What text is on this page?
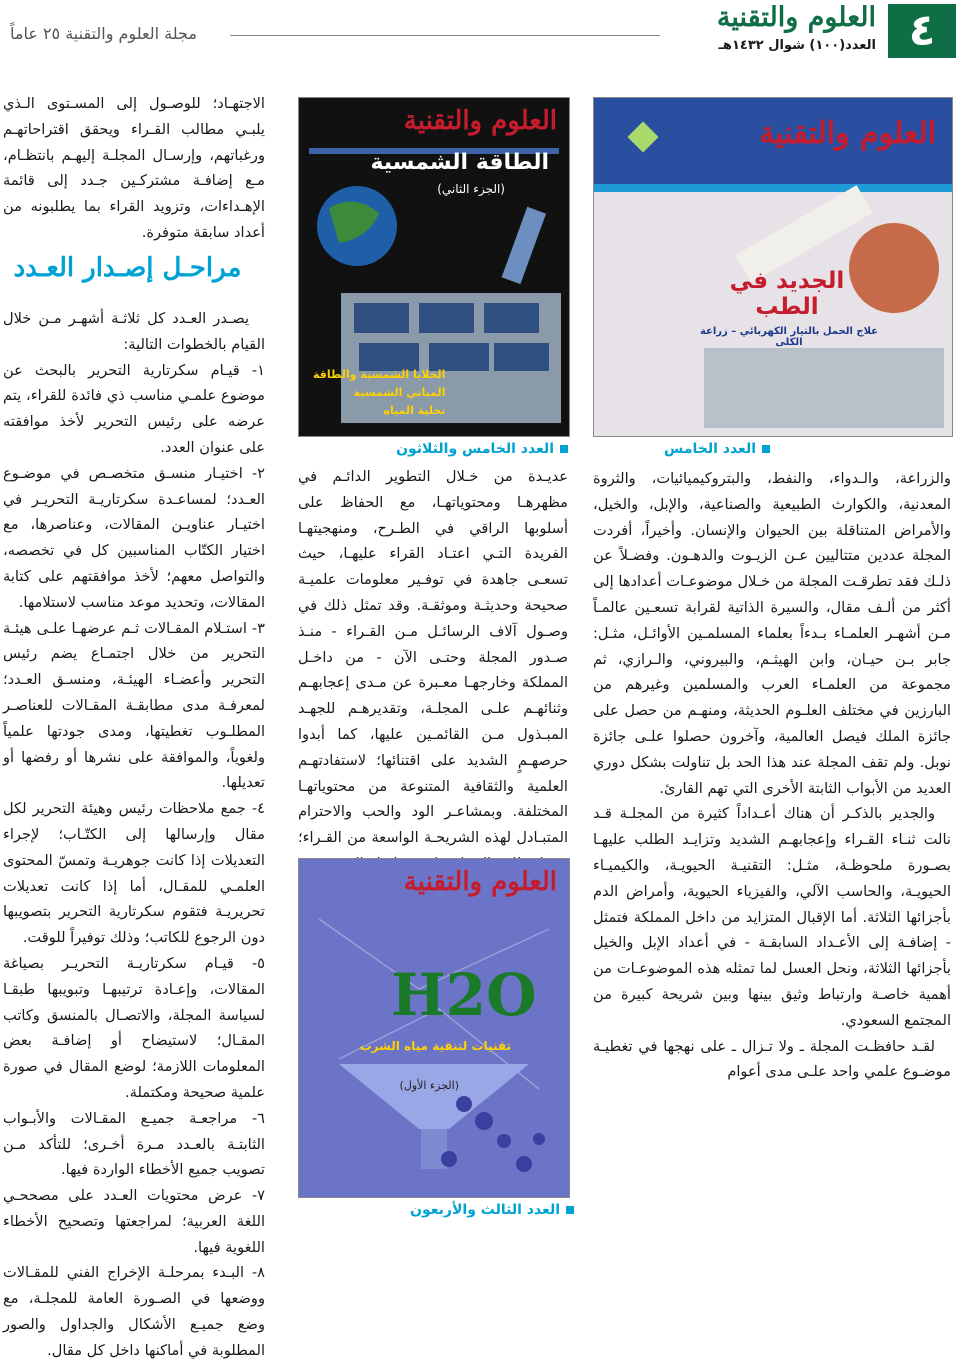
٤
العلوم والتقنية
العدد(١٠٠) شوال ١٤٣٢هـ
مجلة العلوم والتقنية ٢٥ عاماً

الاجتهـاد؛ للوصـول إلى المسـتوى الـذي يلبـي مطالب القـراء ويحقق اقتراحاتهـم ورغباتهم، وإرسـال المجلـة إليهـم بانتظـام، مـع إضافـة مشتركـين جـدد إلى قائمة الإهـداءات، وتزويد القراء بما يطلبونه من أعداد سابقة متوفرة.

مراحـل إصـدار العـدد

يصـدر العـدد كل ثلاثـة أشهـر مـن خلال القيام بالخطوات التالية:

١- قيـام سكرتارية التحرير بالبحث عن موضوع علمـي مناسب ذي فائدة للقراء، يتم عرضه على رئيس التحرير لأخذ موافقته على عنوان العدد.

٢- اختيـار منسـق متخصـص في موضـوع العـدد؛ لمساعـدة سكرتاريـة التحريـر في اختيـار عناويـن المقالات، وعناصرها، مع اختيار الكتّاب المناسبين كل في تخصصه، والتواصل معهم؛ لأخذ موافقتهم على كتابة المقالات، وتحديد موعد مناسب لاستلامها.

٣- استـلام المقـالات ثـم عرضهـا علـى هيئـة التحرير من خلال اجتمـاع يضم رئيس التحرير وأعضـاء الهيئـة، ومنسـق العـدد؛ لمعرفـة مدى مطابقـة المقـالات للعناصـر المطلـوب تغطيتها، ومدى جودتها علمياً ولغوياً، والموافقة على نشرها أو رفضها أو تعديلها.

٤- جمع ملاحظات رئيس وهيئة التحرير لكل مقال وإرسالها إلى الكتّـاب؛ لإجراء التعديلات إذا كانت جوهريـة وتمسّ المحتوى العلمـي للمقـال، أما إذا كانت تعديلات تحريريـة فتقوم سكرتارية التحرير بتصويبها دون الرجوع للكاتب؛ وذلك توفيراً للوقت.

٥- قيـام سكرتاريـة التحريـر بصياغة المقالات، وإعـادة ترتيبهـا وتبويبها طبقـا لسياسة المجلة، والاتصـال بالمنسق وكاتب المقـال؛ لاستيضاح أو إضافـة بعض المعلومات اللازمة؛ لوضع المقال في صورة علمية صحيحة ومكتملة.

٦- مراجعـة جميـع المقـالات والأبـواب الثابتـة بالعـدد مـرة أخـرى؛ للتأكد مـن تصويب جميع الأخطاء الواردة فيها.

٧- عرض محتويات العـدد على مصححـي اللغة العربية؛ لمراجعتها وتصحيح الأخطاء اللغوية فيها.

٨- البـدء بمرحلـة الإخراج الفني للمقـالات ووضعها في الصـورة العامة للمجلـة، مع وضع جميـع الأشكال والجداول والصور المطلوبة في أماكنها داخل كل مقال.

العلوم والتقنية
الطاقة الشمسية
(الجزء الثاني)
الخلايا الشمسية والطاقة
المباني الشمسية
تحلية المياه
العدد الخامس والثلاثون

عديـدة من خـلال التطوير الدائـم في مظهرهـا ومحتوياتهـا، مع الحفاظ على أسلوبها الراقي في الطـرح، ومنهجيتهـا الفريدة التـي اعتـاد القراء عليهـا، حيث تسعـى جاهدة في توفـير معلومات علميـة صحيحة وحديثـة وموثقـة. وقد تمثل ذلك في وصـول آلاف الرسائـل مـن القـراء - منـذ صـدور المجلة وحتـى الآن - من داخـل المملكة وخارجهـا معـبرة عن مـدى إعجابهـم وثنائهـم علـى المجلـة، وتقديرهـم للجهـد المبـذول مـن القائمـين عليها، كما أبدوا حرصهـمٍ الشديد على اقتنائها؛ لاستفادتهـم العلمية والثقافية المتنوعة من محتوياتهـا المختلفة. وبمشاعـر الود والحب والاحترام المتبـادل لهذه الشريحـة الواسعة من القـراء؛

العلوم والتقنية
H2O
تقنيات لتنقية مياه الشرب
(الجزء الأول)
العدد الثالث والأربعون
العلوم والتقنية
الجديد في
الطب
علاج الحمل بالتيار الكهربائي – زراعة الكلى
العدد الخامس

والزراعة، والـدواء، والنفط، والبتروكيميائيات، والثروة المعدنية، والكوارث الطبيعية والصناعية، والإبل، والخيل، والأمراض المتناقلة بين الحيوان والإنسان. وأخيراً، أفردت المجلة عددين متتاليين عـن الزيـوت والدهـون. وفضـلاً عن ذلـك فقد تطرقـت المجلة من خـلال موضوعـات أعدادها إلى أكثر من ألـف مقال، والسيرة الذاتية لقرابة تسعـين عالمـاً مـن أشهـر العلمـاء بـدءاً بعلماء المسلمـين الأوائـل، مثـل: جابر بـن حيـان، وابن الهيثـم، والبيروني، والـرازي، ثم مجموعة من العلمـاء العرب والمسلمين وغيرهم من البارزين في مختلف العلـوم الحديثة، ومنهـم من حصل على جائزة الملك فيصل العالمية، وآخرون حصلوا علـى جائزة نوبل. ولم تقف المجلة عند هذا الحد بل تناولت بشكل دوري العديد من الأبواب الثابتة الأخرى التي تهم القارئ.

والجدير بالذكـر أن هناك أعـداداً كثيرة من المجلـة قـد نالت ثنـاء القـراء وإعجابهـم الشديد وتزايـد الطلب عليهـا بصـورة ملحوظـة، مثـل: التقنيـة الحيويـة، والكيميـاء الحيويـة، والحاسب الآلي، والفيزياء الحيوية، وأمراض الدم بأجزائها الثلاثة. أما الإقبال المتزايد من داخل المملكة فتمثل - إضافـة إلى الأعـداد السابقـة - في أعداد الإبل والخيل بأجزائها الثلاثة، ونحل العسل لما تمثله هذه الموضوعـات من أهمية خاصـة وارتباط وثيق بينها وبين شريحة كبيرة من المجتمع السعودي.

لقـد حافظـت المجلة ـ ولا تـزال ـ على نهجها في تغطيـة موضـوع علمي واحد علـى مدى أعوام
